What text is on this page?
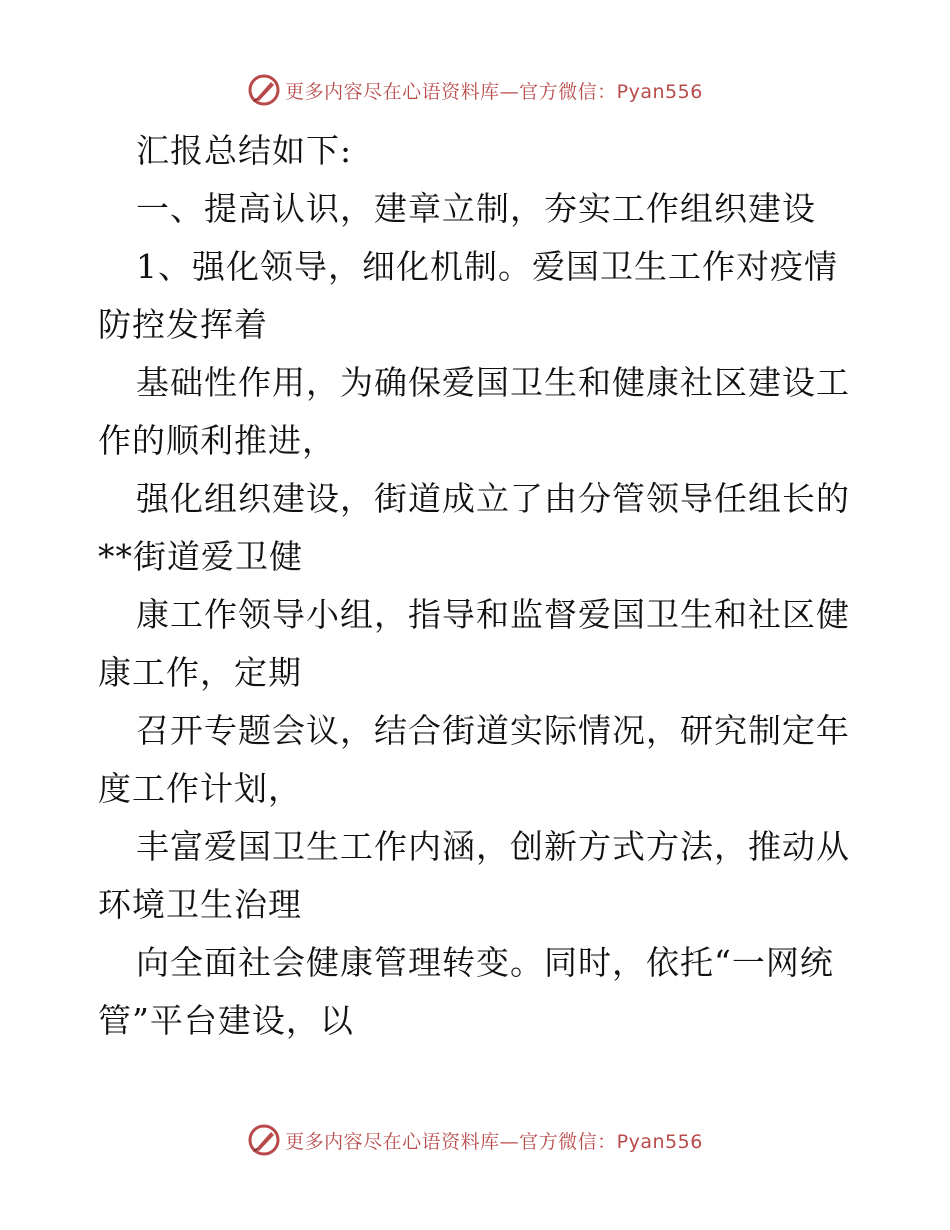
更多内容尽在心语资料库—官方微信：Pyan556
汇报总结如下:
一、提高认识，建章立制，夯实工作组织建设
1、强化领导，细化机制。爱国卫生工作对疫情
防控发挥着
基础性作用，为确保爱国卫生和健康社区建设工
作的顺利推进，
强化组织建设，街道成立了由分管领导任组长的
**街道爱卫健
康工作领导小组，指导和监督爱国卫生和社区健
康工作，定期
召开专题会议，结合街道实际情况，研究制定年
度工作计划，
丰富爱国卫生工作内涵，创新方式方法，推动从
环境卫生治理
向全面社会健康管理转变。同时，依托“一网统
管”平台建设，以
更多内容尽在心语资料库—官方微信：Pyan556
